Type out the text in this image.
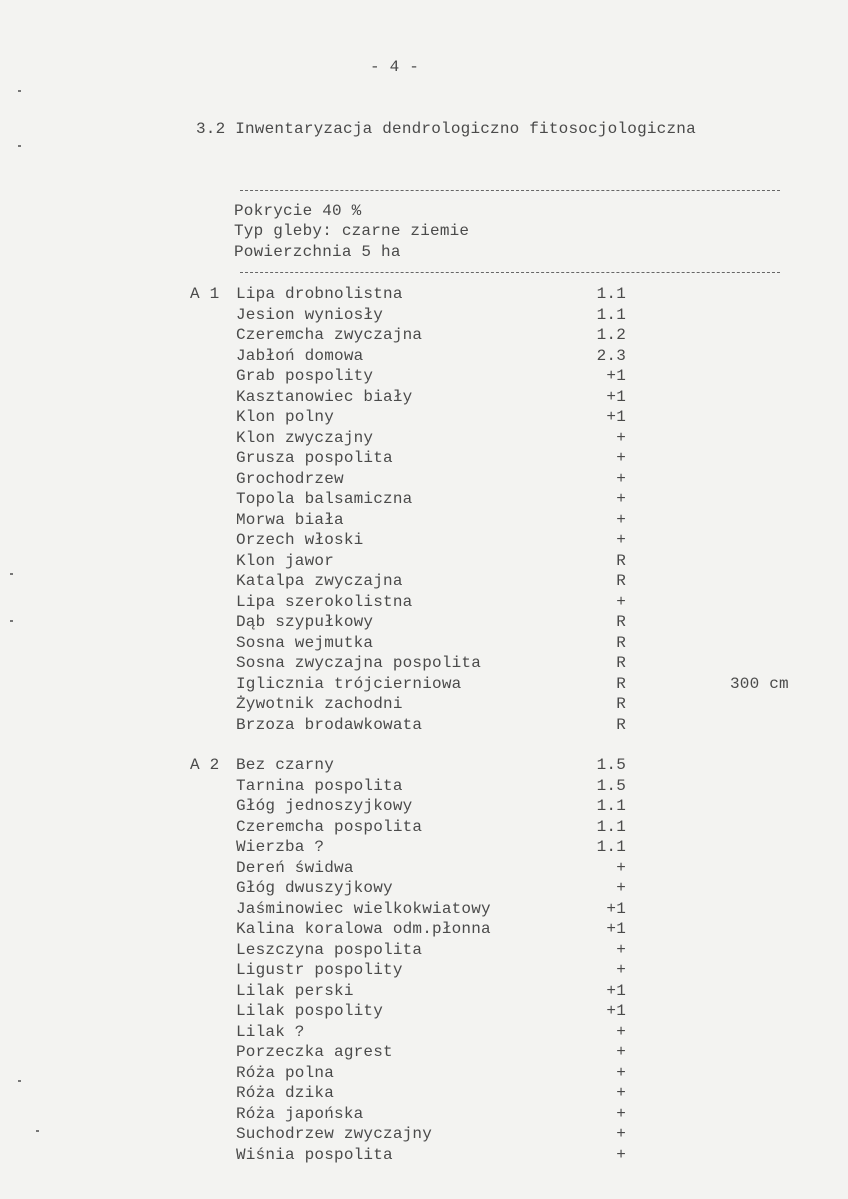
- 4 -
3.2 Inwentaryzacja dendrologiczno fitosocjologiczna
Pokrycie 40 %
Typ gleby: czarne ziemie
Powierzchnia 5 ha
A 1 Lipa drobnolistna	1.1
Jesion wyniosły	1.1
Czeremcha zwyczajna	1.2
Jabłoń domowa	2.3
Grab pospolity	+1
Kasztanowiec biały	+1
Klon polny	+1
Klon zwyczajny	+
Grusza pospolita	+
Grochodrzew	+
Topola balsamiczna	+
Morwa biała	+
Orzech włoski	+
Klon jawor	R
Katalpa zwyczajna	R
Lipa szerokolistna	+
Dąb szypułkowy	R
Sosna wejmutka	R
Sosna zwyczajna pospolita	R
Iglicznia trójcierniowa	R	300 cm
Żywotnik zachodni	R
Brzoza brodawkowata	R
A 2 Bez czarny	1.5
Tarnina pospolita	1.5
Głóg jednoszyjkowy	1.1
Czeremcha pospolita	1.1
Wierzba ?	1.1
Dereń świdwa	+
Głóg dwuszyjkowy	+
Jaśminowiec wielkokwiatowy	+1
Kalina koralowa odm.płonna	+1
Leszczyna pospolita	+
Ligustr pospolity	+
Lilak perski	+1
Lilak pospolity	+1
Lilak ?	+
Porzeczka agrest	+
Róża polna	+
Róża dzika	+
Róża japońska	+
Suchodrzew zwyczajny	+
Wiśnia pospolita	+
